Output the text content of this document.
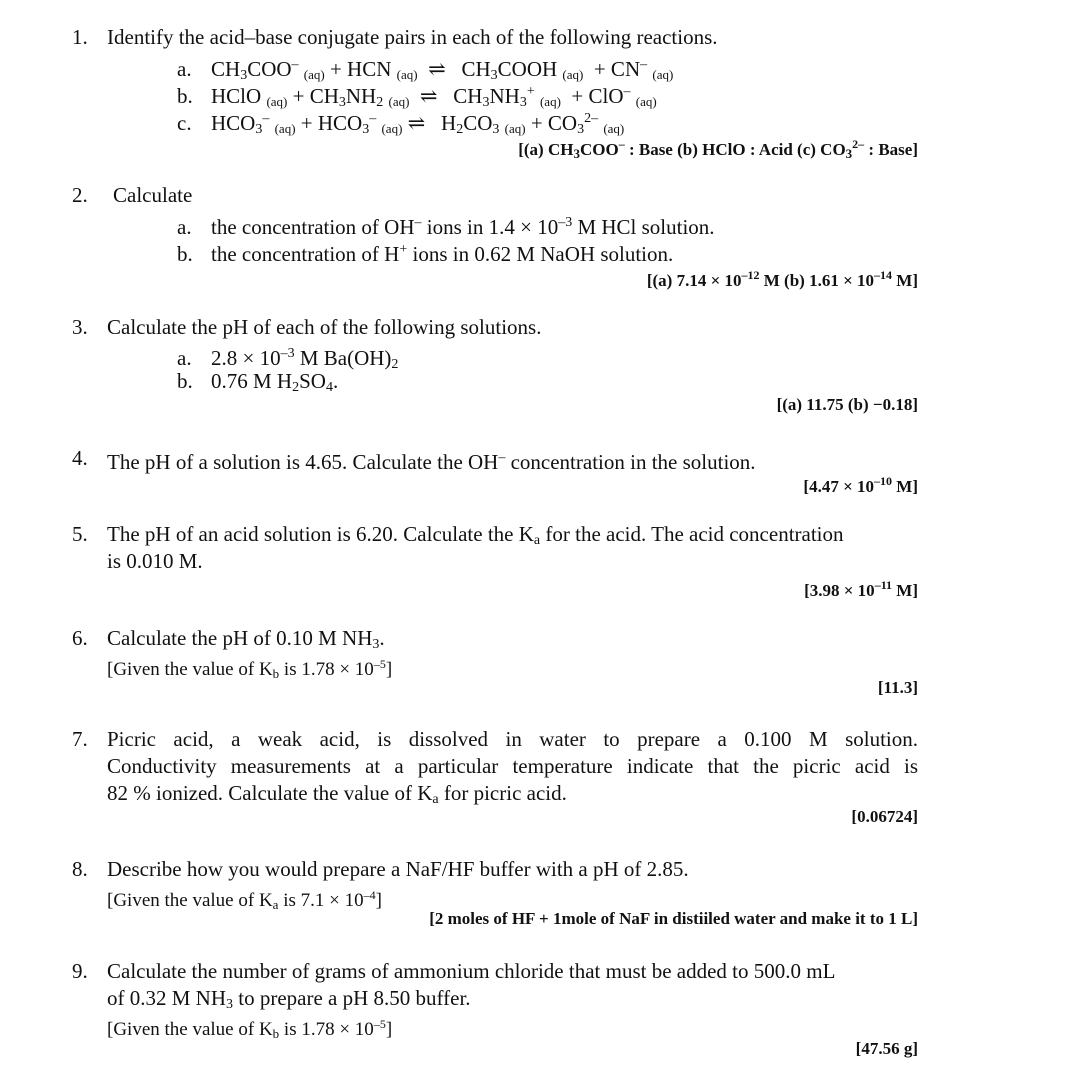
1. Identify the acid–base conjugate pairs in each of the following reactions.
a. $CH_3COO^-$ (aq) + HCN (aq) ⇌ $CH_3COOH$ (aq) + CN– (aq)
b. HClO $(aq) + CH_3NH_2$ (aq) ⇌ $CH_3NH_3^+$ (aq) + ClO– (aq)
c. $HCO_3^-$ $(aq) + HCO_3^-$ (aq) ⇌ $H_2CO_3$ $(aq) + CO_3^{2-}$ (aq)
[(a) CH3COO– : Base (b) HClO : Acid (c) $CO3^{2-}$ : Base]
2. Calculate
a. the concentration of OH– ions in $1.4 \times 10^{-3}$ M HCl solution.
b. the concentration of H+ ions in 0.62 M NaOH solution.
[(a) $7.14 \times 10^{-12}$ M (b) $1.61 \times 10^{-14}$ M]
3. Calculate the pH of each of the following solutions.
a. $2.8 \times 10^{-3}$ M $Ba(OH)_2$
b. 0.76 M $H_2SO_4$.
[(a) 11.75 (b) −0.18]
4. The pH of a solution is 4.65. Calculate the OH– concentration in the solution.
[$4.47 \times 10^{-10}$ M]
5. The pH of an acid solution is 6.20. Calculate the $K_a$ for the acid. The acid concentration
is 0.010 M.
[$3.98 \times 10^{-11}$ M]
6. Calculate the pH of 0.10 M $NH_3$.
[Given the value of Kb is $1.78 \times 10^{-5}$]
[11.3]
7. Picric acid, a weak acid, is dissolved in water to prepare a 0.100 M solution.
Conductivity measurements at a particular temperature indicate that the picric acid is
82 % ionized. Calculate the value of $K_a$ for picric acid.
[0.06724]
8. Describe how you would prepare a NaF/HF buffer with a pH of 2.85.
[Given the value of Ka is $7.1 \times 10^{-4}$]
[2 moles of HF + 1mole of NaF in distiiled water and make it to 1 L]
9. Calculate the number of grams of ammonium chloride that must be added to 500.0 mL
of 0.32 M $NH_3$ to prepare a pH 8.50 buffer.
[Given the value of Kb is $1.78 \times 10^{-5}$]
[47.56 g]
